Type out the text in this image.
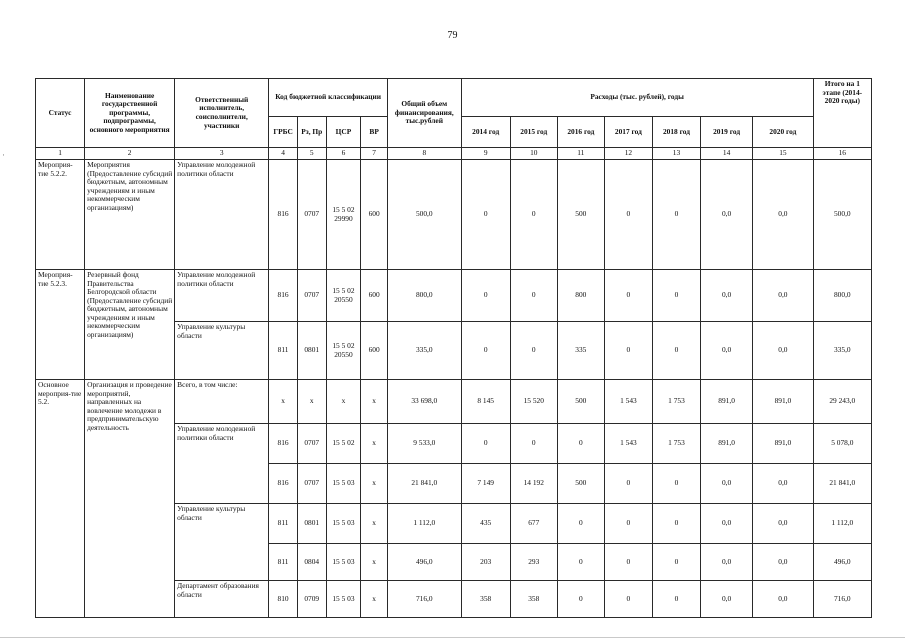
79
·
Статус	Наименование государственной программы, подпрограммы, основного мероприятия	Ответственный исполнитель, соисполнители, участники	Код бюджетной классификации				Общий объем финансирования, тыс.рублей	Расходы (тыс. рублей), годы							Итого на 1 этапе (2014-2020 годы)
			ГРБС	Рз, Пр	ЦСР	ВР		2014 год	2015 год	2016 год	2017 год	2018 год	2019 год	2020 год	
1	2	3	4	5	6	7	8	9	10	11	12	13	14	15	16
Мероприя-тие 5.2.2.	Мероприятия (Предоставление субсидий бюджетным, автономным учреждениям и иным некоммерческим организациям)	Управление молодежной политики области	816	0707	15 5 02 29990	600	500,0	0	0	500	0	0	0,0	0,0	500,0
Мероприя-тие 5.2.3.	Резервный фонд Правительства Белгородской области (Предоставление субсидий бюджетным, автономным учреждениям и иным некоммерческим организациям)	Управление молодежной политики области	816	0707	15 5 02 20550	600	800,0	0	0	800	0	0	0,0	0,0	800,0
		Управление культуры области	811	0801	15 5 02 20550	600	335,0	0	0	335	0	0	0,0	0,0	335,0
Основное мероприя-тие 5.2.	Организация и проведение мероприятий, направленных на вовлечение молодежи в предпринимательскую деятельность	Всего, в том числе:	х	х	х	х	33 698,0	8 145	15 520	500	1 543	1 753	891,0	891,0	29 243,0
		Управление молодежной политики области	816	0707	15 5 02	х	9 533,0	0	0	0	1 543	1 753	891,0	891,0	5 078,0
			816	0707	15 5 03	х	21 841,0	7 149	14 192	500	0	0	0,0	0,0	21 841,0
		Управление культуры области	811	0801	15 5 03	х	1 112,0	435	677	0	0	0	0,0	0,0	1 112,0
			811	0804	15 5 03	х	496,0	203	293	0	0	0	0,0	0,0	496,0
		Департамент образования области	810	0709	15 5 03	х	716,0	358	358	0	0	0	0,0	0,0	716,0
